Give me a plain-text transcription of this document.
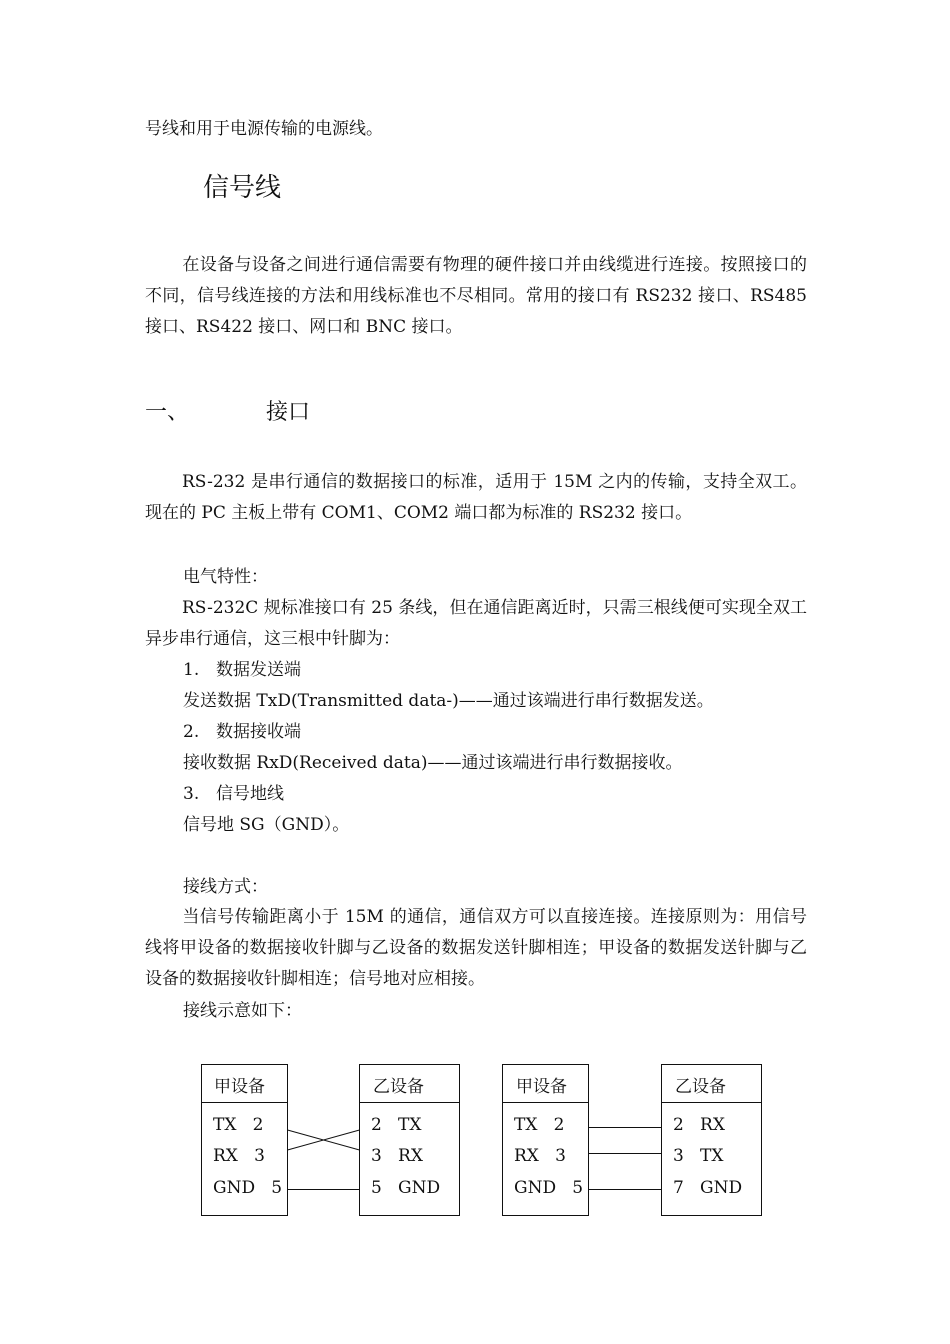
号线和用于电源传输的电源线。
信号线
在设备与设备之间进行通信需要有物理的硬件接口并由线缆进行连接。按照接口的不同，信号线连接的方法和用线标准也不尽相同。常用的接口有 RS232 接口、RS485 接口、RS422 接口、网口和 BNC 接口。
一、	接口
RS-232 是串行通信的数据接口的标准，适用于 15M 之内的传输，支持全双工。现在的 PC 主板上带有 COM1、COM2 端口都为标准的 RS232 接口。
电气特性：
RS-232C 规标准接口有 25 条线，但在通信距离近时，只需三根线便可实现全双工异步串行通信，这三根中针脚为：
1. 数据发送端
发送数据 TxD(Transmitted data-)——通过该端进行串行数据发送。
2. 数据接收端
接收数据 RxD(Received data)——通过该端进行串行数据接收。
3. 信号地线
信号地 SG（GND）。
接线方式：
当信号传输距离小于 15M 的通信，通信双方可以直接连接。连接原则为：用信号线将甲设备的数据接收针脚与乙设备的数据发送针脚相连；甲设备的数据发送针脚与乙设备的数据接收针脚相连；信号地对应相接。
接线示意如下：
甲设备
TX   2
RX   3
GND   5
乙设备
2   TX
3   RX
5   GND
甲设备
TX   2
RX   3
GND   5
乙设备
2   RX
3   TX
7   GND
